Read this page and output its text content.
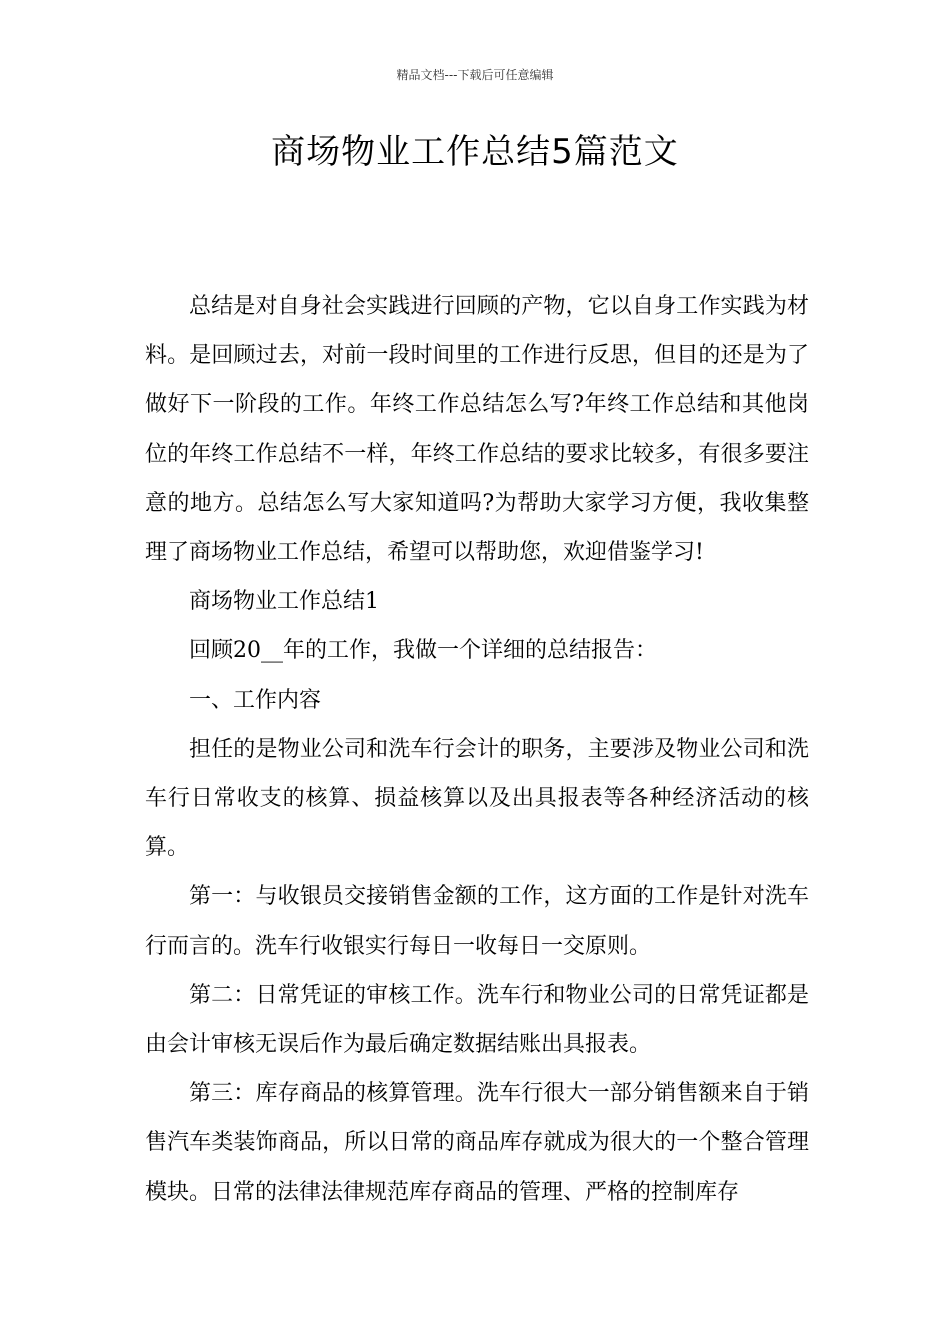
精品文档---下载后可任意编辑
商场物业工作总结5篇范文

总结是对自身社会实践进行回顾的产物，它以自身工作实践为材料。是回顾过去，对前一段时间里的工作进行反思，但目的还是为了做好下一阶段的工作。年终工作总结怎么写?年终工作总结和其他岗位的年终工作总结不一样，年终工作总结的要求比较多，有很多要注意的地方。总结怎么写大家知道吗?为帮助大家学习方便，我收集整理了商场物业工作总结，希望可以帮助您，欢迎借鉴学习!

商场物业工作总结1

回顾20__年的工作，我做一个详细的总结报告：

一、工作内容

担任的是物业公司和洗车行会计的职务，主要涉及物业公司和洗车行日常收支的核算、损益核算以及出具报表等各种经济活动的核算。

第一：与收银员交接销售金额的工作，这方面的工作是针对洗车行而言的。洗车行收银实行每日一收每日一交原则。

第二：日常凭证的审核工作。洗车行和物业公司的日常凭证都是由会计审核无误后作为最后确定数据结账出具报表。

第三：库存商品的核算管理。洗车行很大一部分销售额来自于销售汽车类装饰商品，所以日常的商品库存就成为很大的一个整合管理模块。日常的法律法律规范库存商品的管理、严格的控制库存
